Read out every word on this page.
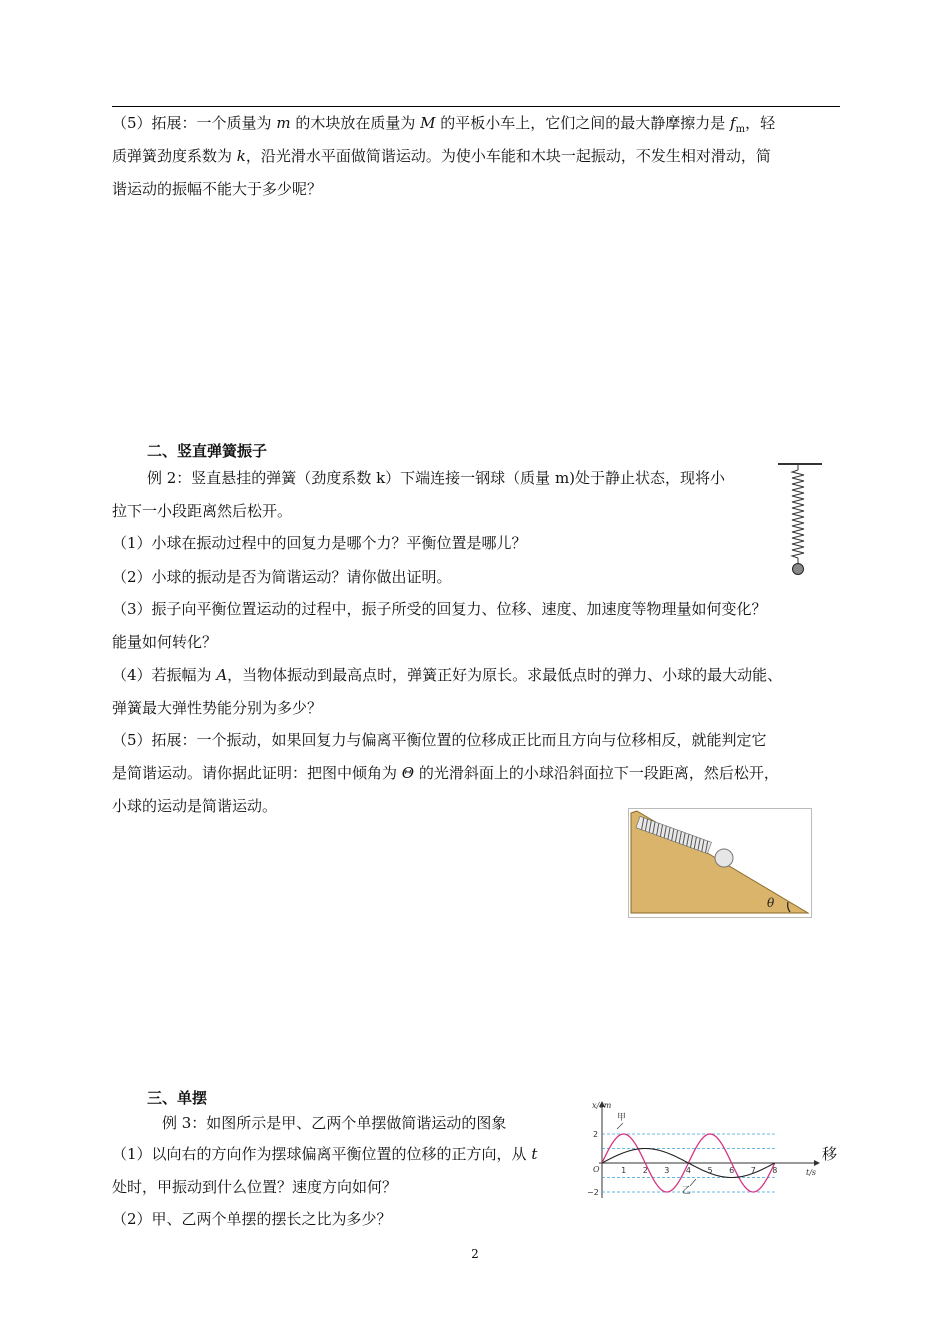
（5）拓展：一个质量为 m 的木块放在质量为 M 的平板小车上，它们之间的最大静摩擦力是 $f_m$，轻
质弹簧劲度系数为 k，沿光滑水平面做简谐运动。为使小车能和木块一起振动，不发生相对滑动，简
谐运动的振幅不能大于多少呢？
二、竖直弹簧振子
例 2：竖直悬挂的弹簧（劲度系数 k）下端连接一钢球（质量 m)处于静止状态，现将小
拉下一小段距离然后松开。
（1）小球在振动过程中的回复力是哪个力？平衡位置是哪儿？
（2）小球的振动是否为简谐运动？请你做出证明。
（3）振子向平衡位置运动的过程中，振子所受的回复力、位移、速度、加速度等物理量如何变化？
能量如何转化？
（4）若振幅为 A，当物体振动到最高点时，弹簧正好为原长。求最低点时的弹力、小球的最大动能、
弹簧最大弹性势能分别为多少？
（5）拓展：一个振动，如果回复力与偏离平衡位置的位移成正比而且方向与位移相反，就能判定它
是简谐运动。请你据此证明：把图中倾角为 Θ 的光滑斜面上的小球沿斜面拉下一段距离，然后松开，
小球的运动是简谐运动。
θ
三、单摆
例 3：如图所示是甲、乙两个单摆做简谐运动的图象
（1）以向右的方向作为摆球偏离平衡位置的位移的正方向，从 t	移
处时，甲振动到什么位置？速度方向如何？
（2）甲、乙两个单摆的摆长之比为多少？
x/cm
t/s
O	1 2 3 4 5 6 7 8
2
−2
甲
乙
2
